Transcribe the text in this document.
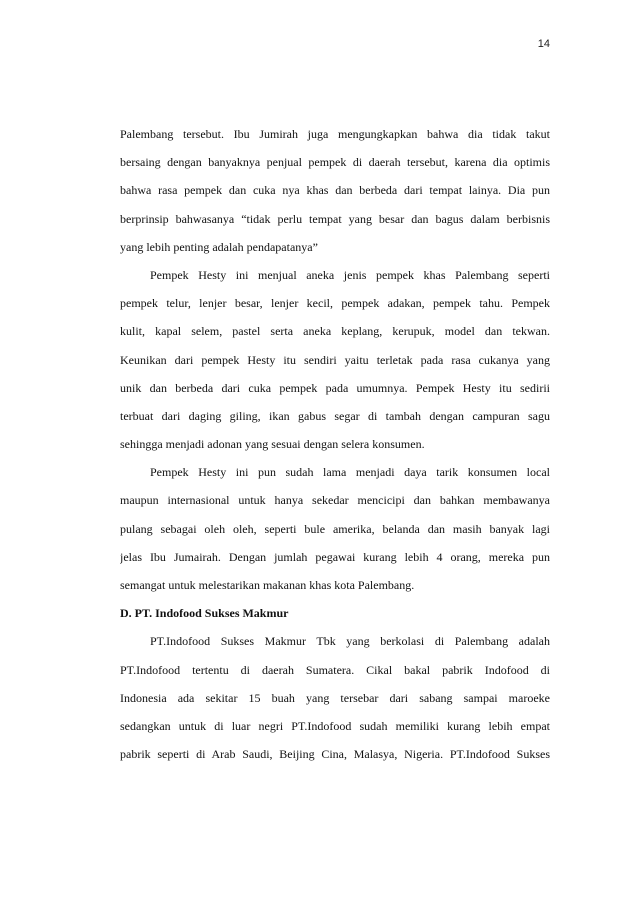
14
Palembang tersebut. Ibu Jumirah juga mengungkapkan bahwa dia tidak takut
bersaing dengan banyaknya penjual pempek di daerah tersebut, karena dia optimis
bahwa rasa pempek dan cuka nya khas dan berbeda dari tempat lainya. Dia pun
berprinsip bahwasanya “tidak perlu tempat yang besar dan bagus dalam berbisnis
yang lebih penting adalah pendapatanya”
Pempek Hesty ini menjual aneka jenis pempek khas Palembang seperti
pempek telur, lenjer besar, lenjer kecil, pempek adakan, pempek tahu. Pempek
kulit, kapal selem, pastel serta aneka keplang, kerupuk, model dan tekwan.
Keunikan dari pempek Hesty itu sendiri yaitu terletak pada rasa cukanya yang
unik dan berbeda dari cuka pempek pada umumnya. Pempek Hesty itu sedirii
terbuat dari daging giling, ikan gabus segar di tambah dengan campuran sagu
sehingga menjadi adonan yang sesuai dengan selera konsumen.
Pempek Hesty ini pun sudah lama menjadi daya tarik konsumen local
maupun internasional untuk hanya sekedar mencicipi dan bahkan membawanya
pulang sebagai oleh oleh, seperti bule amerika, belanda dan masih banyak lagi
jelas Ibu Jumairah. Dengan jumlah pegawai kurang lebih 4 orang, mereka pun
semangat untuk melestarikan makanan khas kota Palembang.
D. PT. Indofood Sukses Makmur
PT.Indofood Sukses Makmur Tbk yang berkolasi di Palembang adalah
PT.Indofood tertentu di daerah Sumatera. Cikal bakal pabrik Indofood di
Indonesia ada sekitar 15 buah yang tersebar dari sabang sampai maroeke
sedangkan untuk di luar negri PT.Indofood sudah memiliki kurang lebih empat
pabrik seperti di Arab Saudi, Beijing Cina, Malasya, Nigeria. PT.Indofood Sukses
